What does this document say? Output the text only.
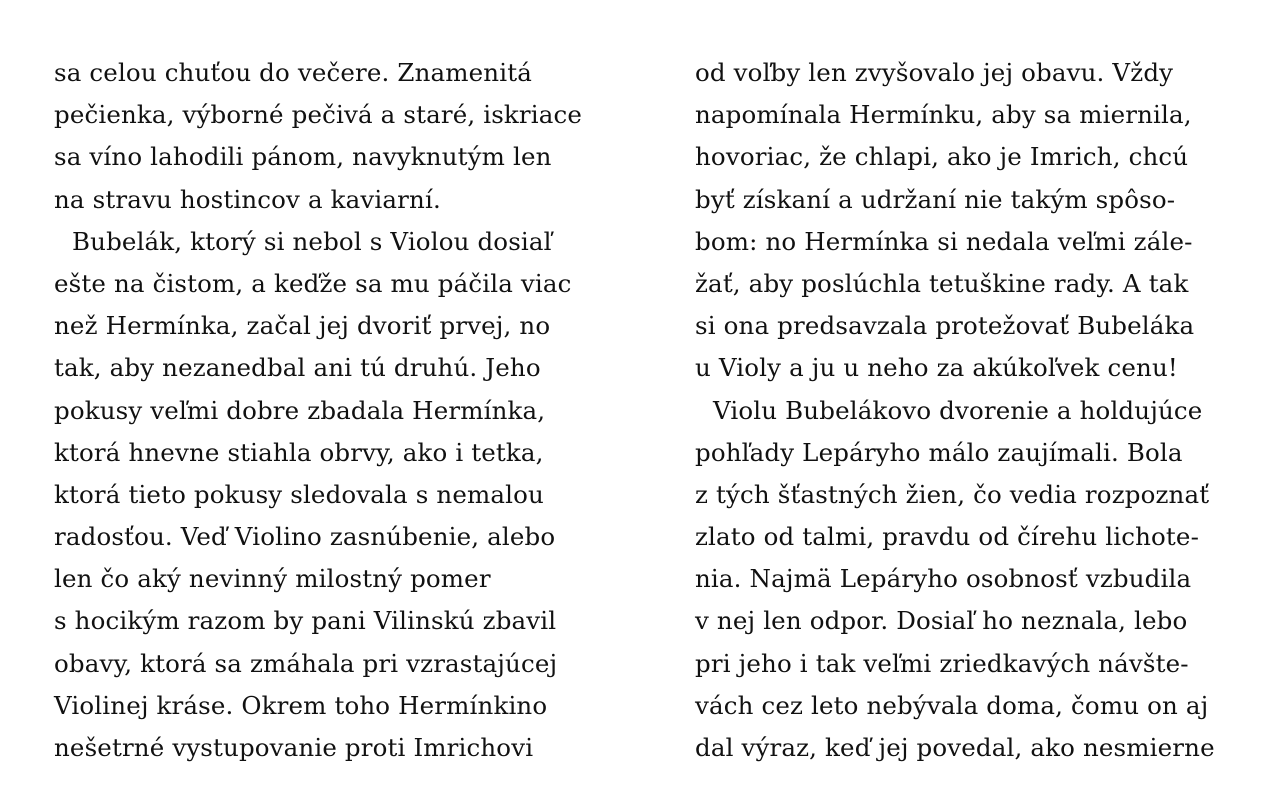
sa celou chuťou do večere. Znamenitá
pečienka, výborné pečivá a staré, iskriace
sa víno lahodili pánom, navyknutým len
na stravu hostincov a kaviarní.
Bubelák, ktorý si nebol s Violou dosiaľ
ešte na čistom, a keďže sa mu páčila viac
než Hermínka, začal jej dvoriť prvej, no
tak, aby nezanedbal ani tú druhú. Jeho
pokusy veľmi dobre zbadala Hermínka,
ktorá hnevne stiahla obrvy, ako i tetka,
ktorá tieto pokusy sledovala s nemalou
radosťou. Veď Violino zasnúbenie, alebo
len čo aký nevinný milostný pomer
s hocikým razom by pani Vilinskú zbavil
obavy, ktorá sa zmáhala pri vzrastajúcej
Violinej kráse. Okrem toho Hermínkino
nešetrné vystupovanie proti Imrichovi
od voľby len zvyšovalo jej obavu. Vždy
napomínala Hermínku, aby sa miernila,
hovoriac, že chlapi, ako je Imrich, chcú
byť získaní a udržaní nie takým spôso-
bom: no Hermínka si nedala veľmi zále-
žať, aby poslúchla tetuškine rady. A tak
si ona predsavzala protežovať Bubeláka
u Violy a ju u neho za akúkoľvek cenu!
Violu Bubelákovo dvorenie a holdujúce
pohľady Lepáryho málo zaujímali. Bola
z tých šťastných žien, čo vedia rozpoznať
zlato od talmi, pravdu od čírehu lichote-
nia. Najmä Lepáryho osobnosť vzbudila
v nej len odpor. Dosiaľ ho neznala, lebo
pri jeho i tak veľmi zriedkavých návšte-
vách cez leto nebývala doma, čomu on aj
dal výraz, keď jej povedal, ako nesmierne
